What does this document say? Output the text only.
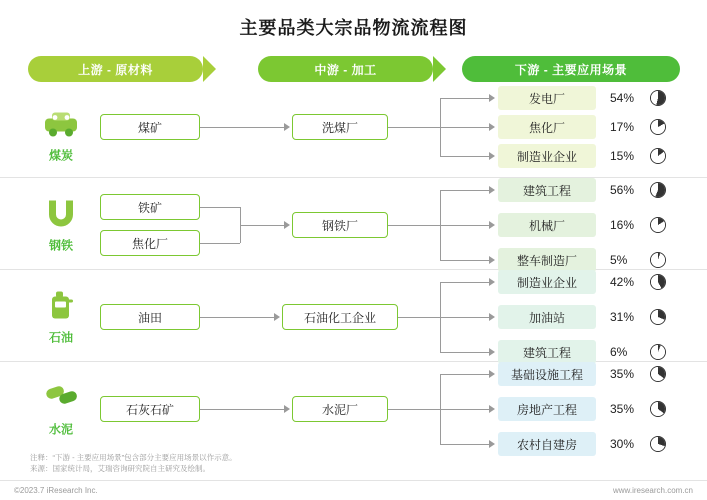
主要品类大宗品物流流程图
上游 - 原材料	中游 - 加工	下游 - 主要应用场景
煤炭
煤矿	洗煤厂
发电厂	54%
焦化厂	17%
制造业企业	15%
钢铁
铁矿
焦化厂
钢铁厂
建筑工程	56%
机械厂	16%
整车制造厂	5%
石油
油田	石油化工企业
制造业企业	42%
加油站	31%
建筑工程	6%
水泥
石灰石矿	水泥厂
基础设施工程	35%
房地产工程	35%
农村自建房	30%
注释：“下游 - 主要应用场景”包含部分主要应用场景以作示意。
来源：国家统计局，艾瑞咨询研究院自主研究及绘制。
©2023.7 iResearch Inc.	www.iresearch.com.cn
